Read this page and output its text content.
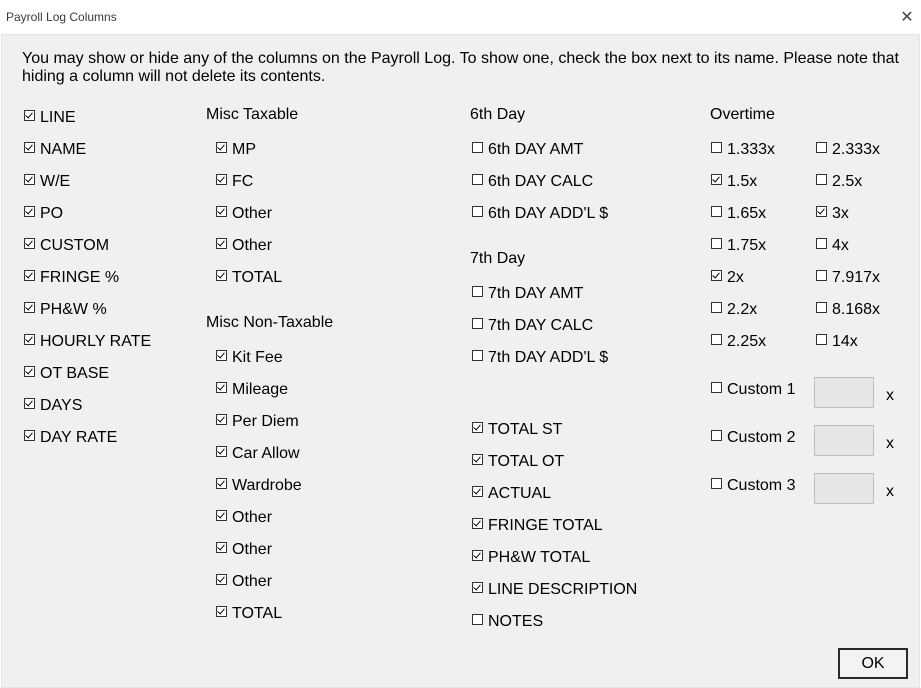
Payroll Log Columns	✕
You may show or hide any of the columns on the Payroll Log. To show one, check the box next to its name. Please note that hiding a column will not delete its contents.
Misc Taxable
Misc Non-Taxable
6th Day
7th Day
Overtime
LINE
NAME
W/E
PO
CUSTOM
FRINGE %
PH&W %
HOURLY RATE
OT BASE
DAYS
DAY RATE
MP
FC
Other
Other
TOTAL
Kit Fee
Mileage
Per Diem
Car Allow
Wardrobe
Other
Other
Other
TOTAL
6th DAY AMT
6th DAY CALC
6th DAY ADD'L $
7th DAY AMT
7th DAY CALC
7th DAY ADD'L $
TOTAL ST
TOTAL OT
ACTUAL
FRINGE TOTAL
PH&W TOTAL
LINE DESCRIPTION
NOTES
1.333x
1.5x
1.65x
1.75x
2x
2.2x
2.25x
2.333x
2.5x
3x
4x
7.917x
8.168x
14x
Custom 1
Custom 2
Custom 3
x
x
x
OK
